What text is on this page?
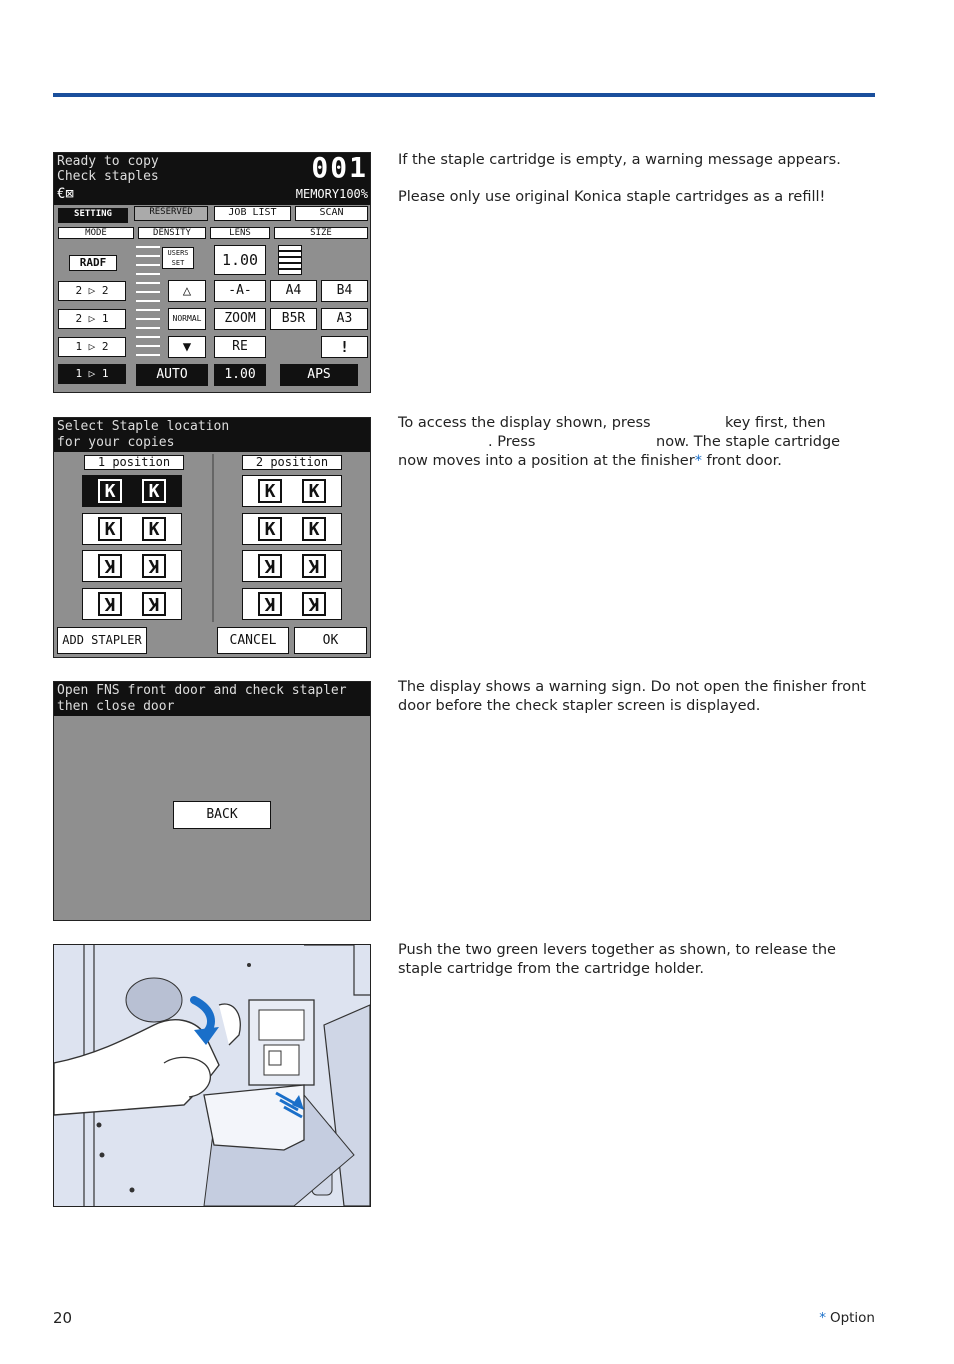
Ready to copy
Check staples	001
€⊠	MEMORY100%
SETTING	RESERVED	JOB LIST	SCAN
MODE	DENSITY	LENS	SIZE
RADF
2 ▷ 2
2 ▷ 1
1 ▷ 2
1 ▷ 1
USERS SET
△
NORMAL
▼
1.00
-A-
ZOOM
RE
A4	B4
B5R	A3
!
AUTO	1.00	APS

If the staple cartridge is empty, a warning message appears.

Please only use original Konica staple cartridges as a refill!

Select Staple location
for your copies
1 position	2 position
K K
K K
K K
K K
K K
K K
K K
K K
ADD STAPLER	CANCEL	OK
To access the display shown, press	key first, then
. Press	now. The staple cartridge
now moves into a position at the finisher* front door.
Open FNS front door and check stapler
then close door
BACK

The display shows a warning sign. Do not open the finisher front door before the check stapler screen is displayed.

Push the two green levers together as shown, to release the staple cartridge from the cartridge holder.

20	* Option
